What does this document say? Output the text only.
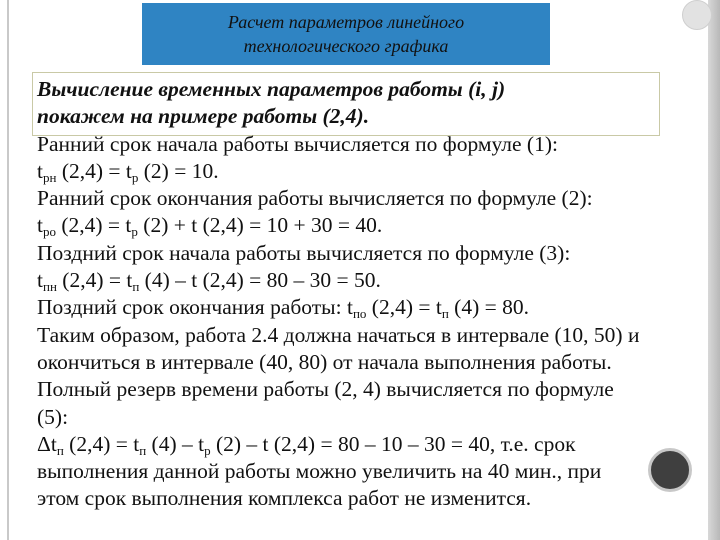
Расчет параметров линейного
технологического графика
Вычисление временных параметров работы (i, j)
покажем на примере работы (2,4).
Ранний срок начала работы вычисляется по формуле (1):
$t_{рн}$ $(2,4) = t_р$ (2) = 10.
Ранний срок окончания работы вычисляется по формуле (2):
$t_{ро}$ $(2,4) = t_р$ (2) + t (2,4) = 10 + 30 = 40.
Поздний срок начала работы вычисляется по формуле (3):
$t_{пн}$ $(2,4) = t_п$ (4) – t (2,4) = 80 – 30 = 50.
Поздний срок окончания работы: $t_{по}$ $(2,4) = t_п$ (4) = 80.
Таким образом, работа 2.4 должна начаться в интервале (10, 50) и
окончиться в интервале (40, 80) от начала выполнения работы.
Полный резерв времени работы (2, 4) вычисляется по формуле
(5):
$\Delta t_п$ $(2,4) = t_п$ $(4) - t_р$ (2) – t (2,4) = 80 – 10 – 30 = 40, т.е. срок
выполнения данной работы можно увеличить на 40 мин., при
этом срок выполнения комплекса работ не изменится.
